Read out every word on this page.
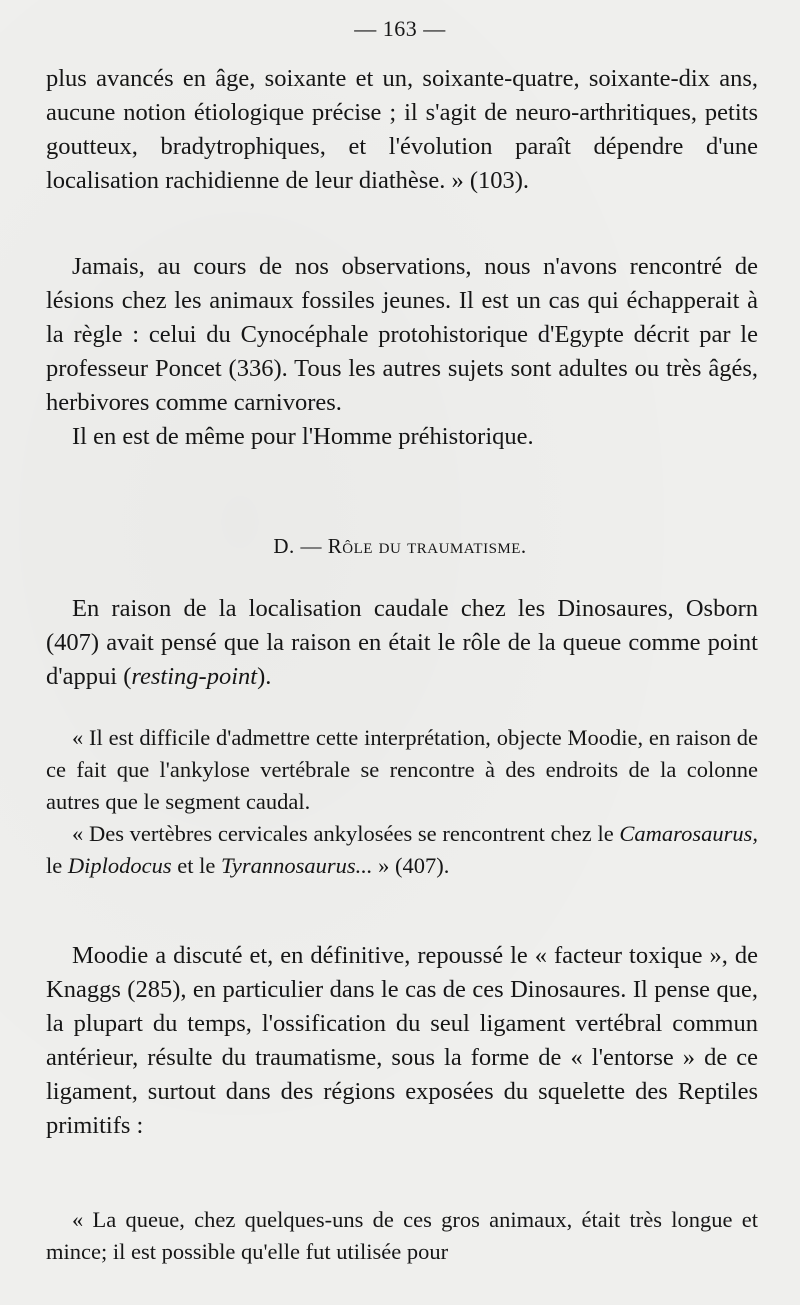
— 163 —

plus avancés en âge, soixante et un, soixante-quatre, soixante-dix ans, aucune notion étiologique précise ; il s'agit de neuro-arthritiques, petits goutteux, bradytrophiques, et l'évolution paraît dépendre d'une localisation rachidienne de leur diathèse. » (103).

Jamais, au cours de nos observations, nous n'avons rencontré de lésions chez les animaux fossiles jeunes. Il est un cas qui échapperait à la règle : celui du Cynocéphale protohistorique d'Egypte décrit par le professeur Poncet (336). Tous les autres sujets sont adultes ou très âgés, herbivores comme carnivores.

Il en est de même pour l'Homme préhistorique.

D. — Rôle du traumatisme.

En raison de la localisation caudale chez les Dinosaures, Osborn (407) avait pensé que la raison en était le rôle de la queue comme point d'appui (resting-point).

« Il est difficile d'admettre cette interprétation, objecte Moodie, en raison de ce fait que l'ankylose vertébrale se rencontre à des endroits de la colonne autres que le segment caudal.

« Des vertèbres cervicales ankylosées se rencontrent chez le Camarosaurus, le Diplodocus et le Tyrannosaurus... » (407).

Moodie a discuté et, en définitive, repoussé le « facteur toxique », de Knaggs (285), en particulier dans le cas de ces Dinosaures. Il pense que, la plupart du temps, l'ossification du seul ligament vertébral commun antérieur, résulte du traumatisme, sous la forme de « l'entorse » de ce ligament, surtout dans des régions exposées du squelette des Reptiles primitifs :

« La queue, chez quelques-uns de ces gros animaux, était très longue et mince; il est possible qu'elle fut utilisée pour
